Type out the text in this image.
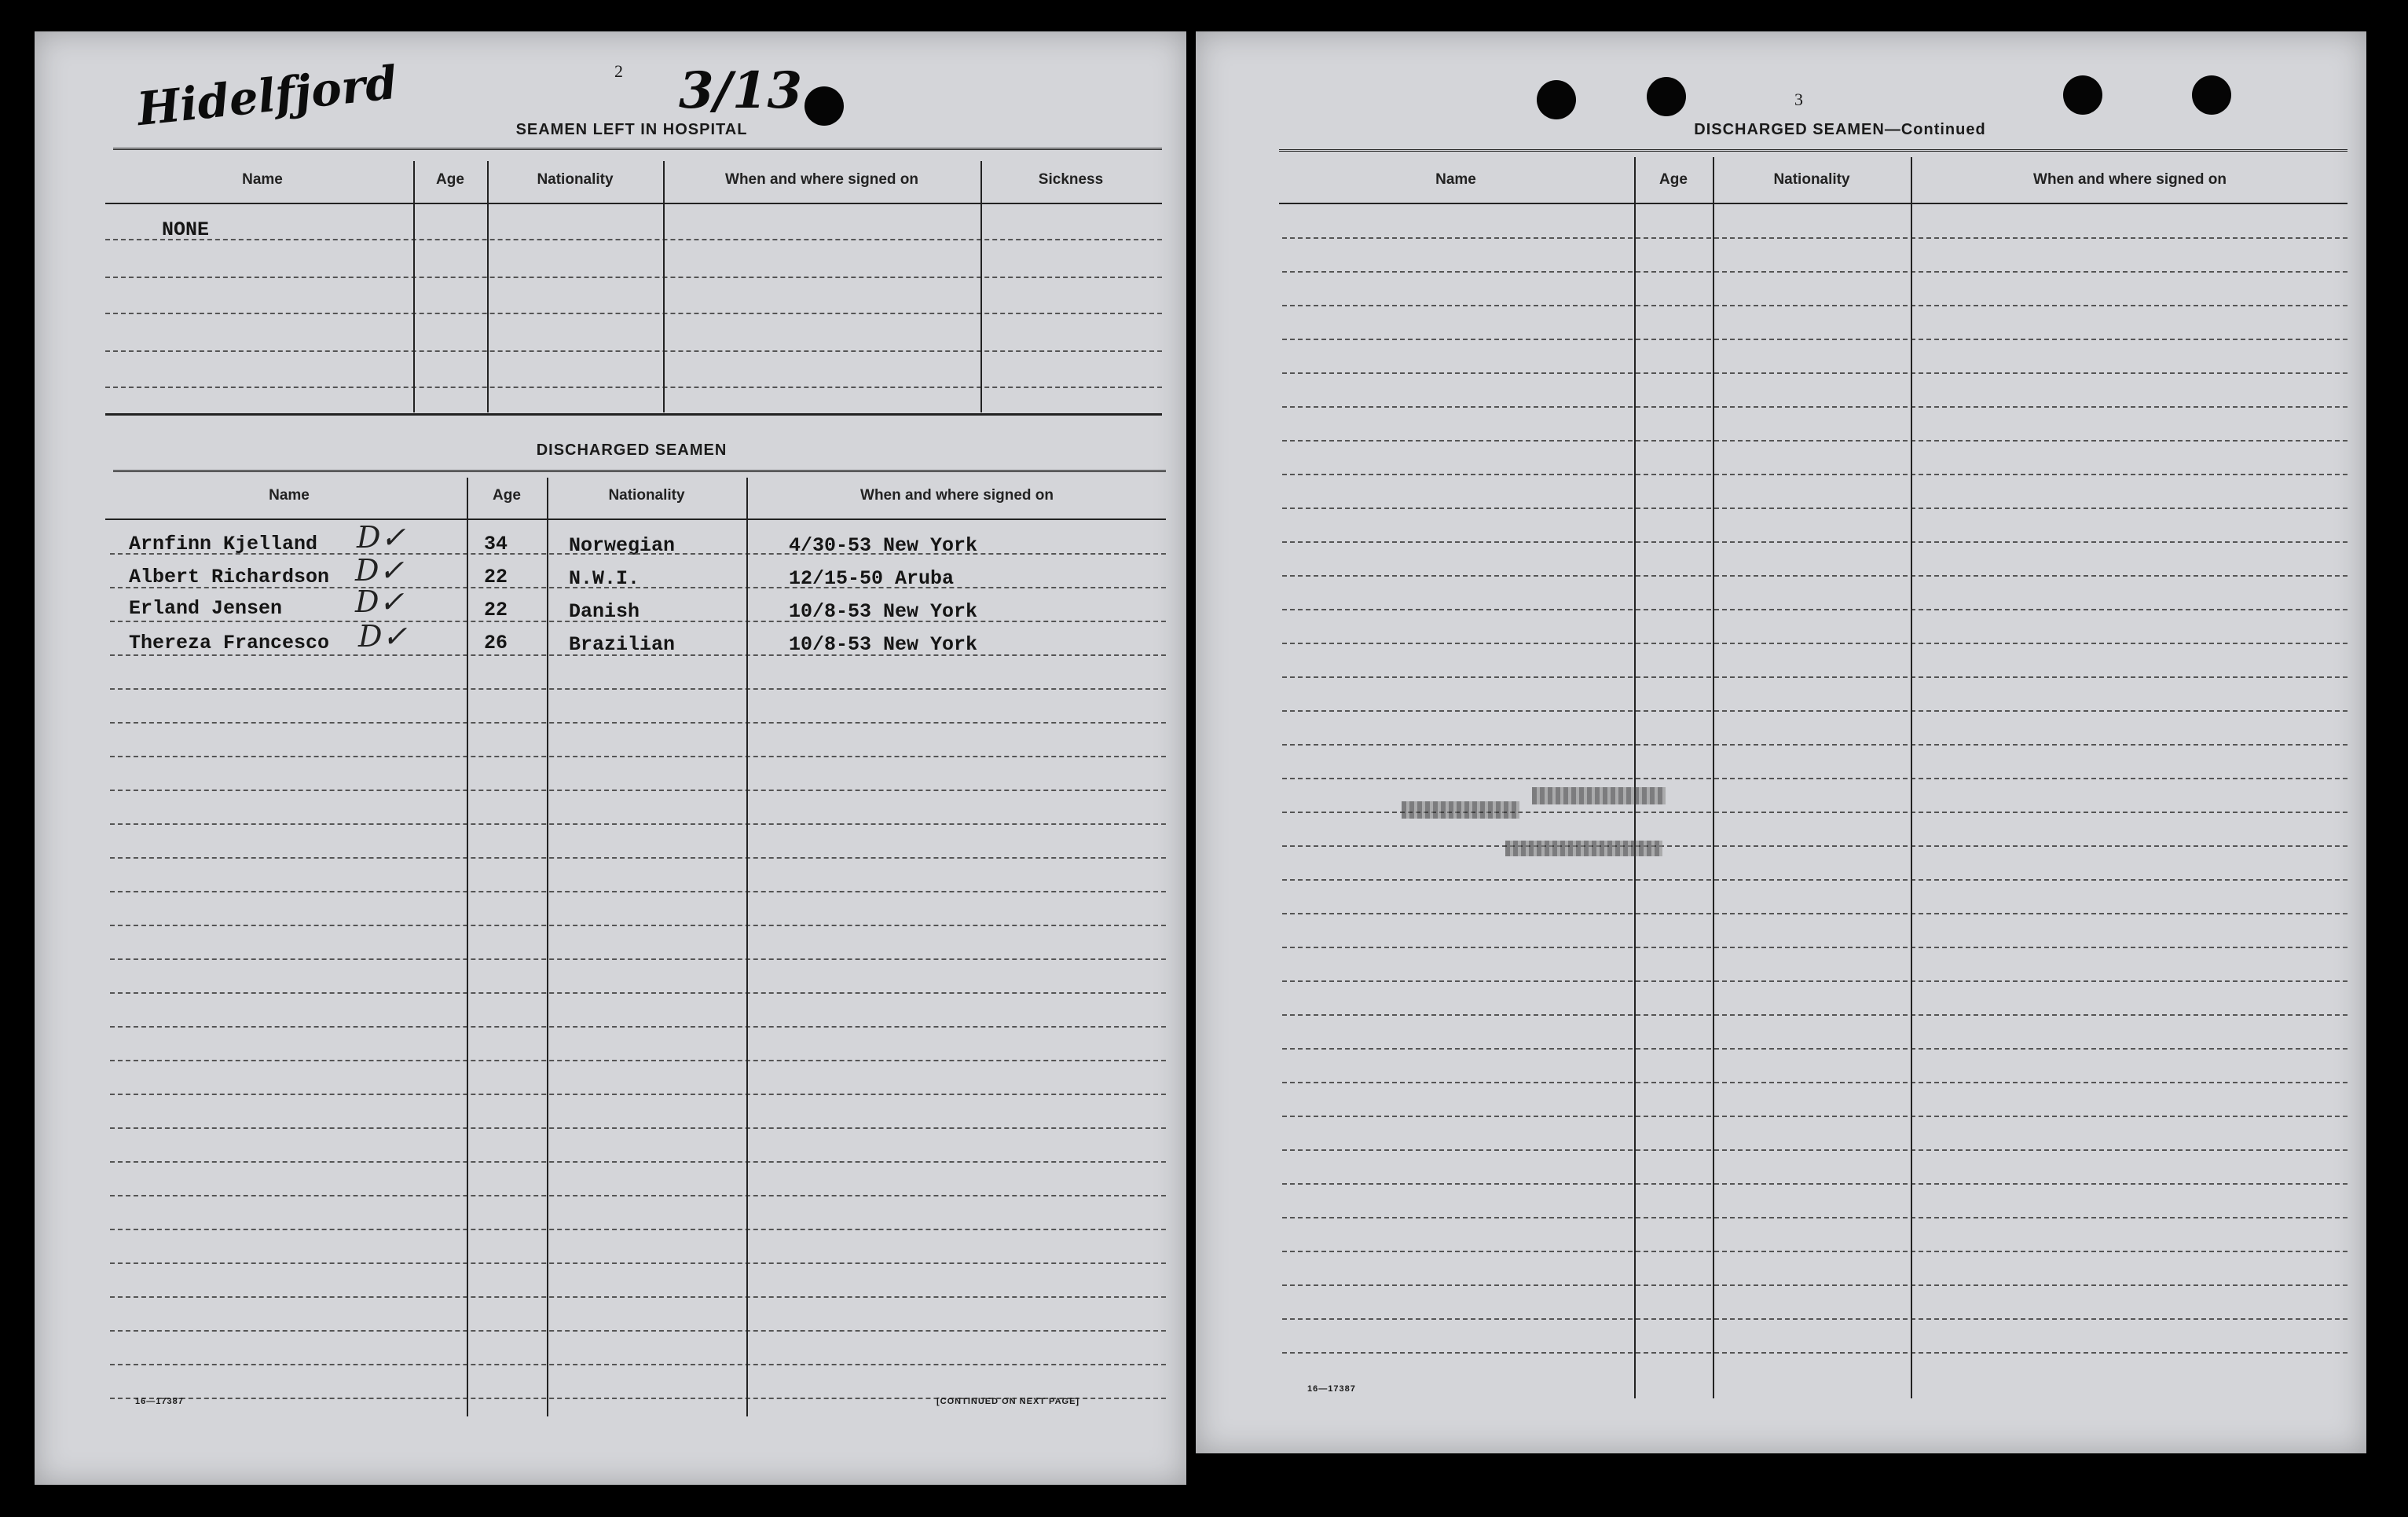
Hidelfjord	3/13
2
SEAMEN LEFT IN HOSPITAL
Name	Age	Nationality	When and where signed on	Sickness
NONE
DISCHARGED SEAMEN
Name	Age	Nationality	When and where signed on
Arnfinn Kjelland D✓	34	Norwegian	4/30-53 New York
Albert Richardson D✓	22	N.W.I.	12/15-50 Aruba
Erland Jensen D✓	22	Danish	10/8-53 New York
Thereza Francesco D✓	26	Brazilian	10/8-53 New York
16—17387	[CONTINUED ON NEXT PAGE]
3
DISCHARGED SEAMEN—Continued
Name	Age	Nationality	When and where signed on
16—17387
